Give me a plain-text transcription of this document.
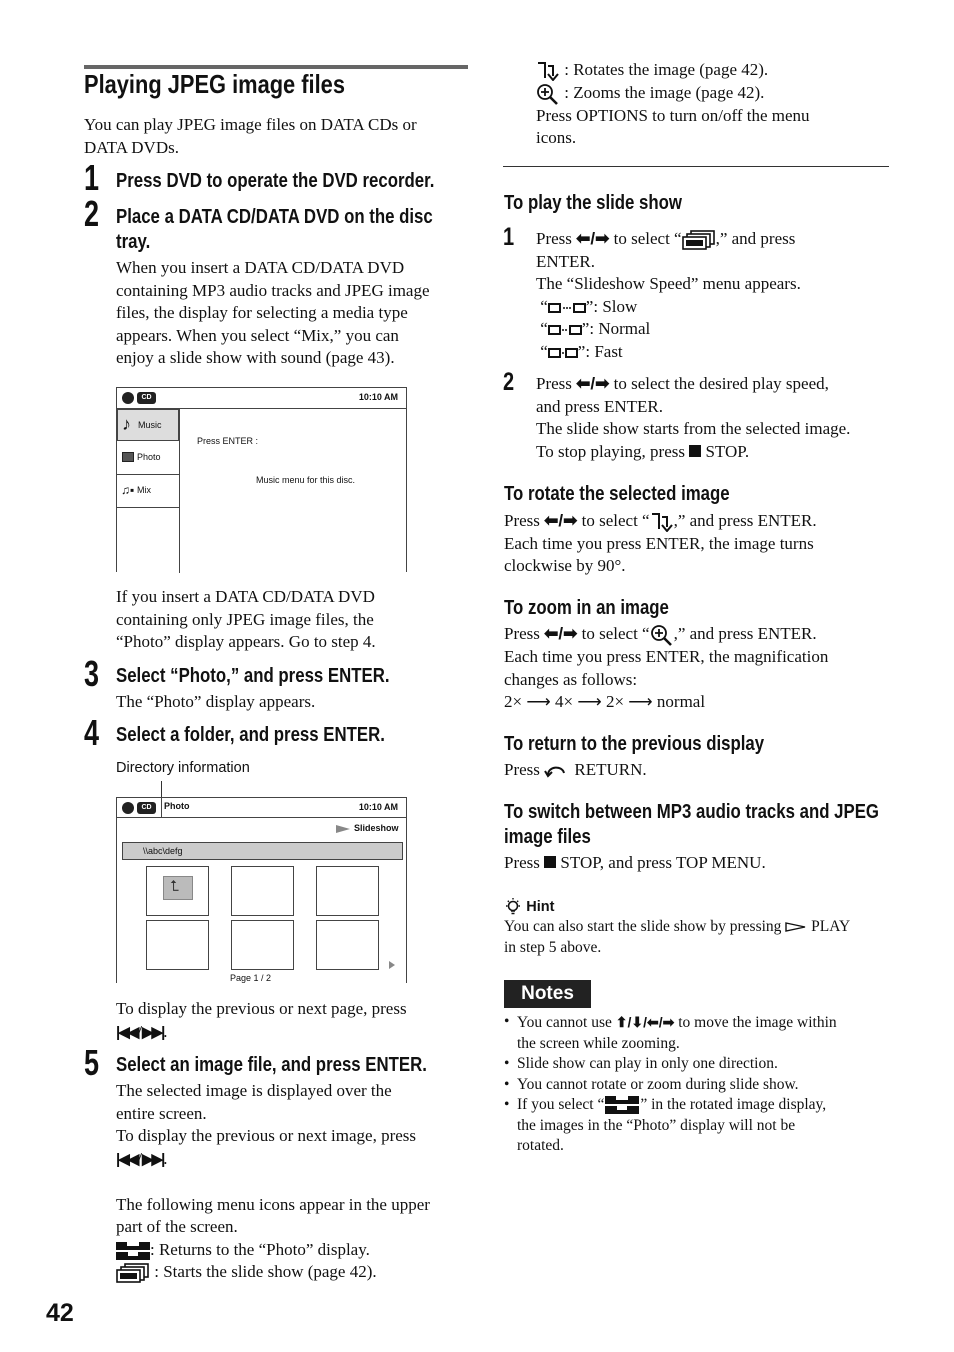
Playing JPEG image files
You can play JPEG image files on DATA CDs or
DATA DVDs.
1 Press DVD to operate the DVD recorder.
2 Place a DATA CD/DATA DVD on the disc
tray.
When you insert a DATA CD/DATA DVD
containing MP3 audio tracks and JPEG image
files, the display for selecting a media type
appears. When you select “Mix,” you can
enjoy a slide show with sound (page 43).
CD	10:10 AM
♪ Music
Photo
♫▪ Mix
Press ENTER :
Music menu for this disc.
If you insert a DATA CD/DATA DVD
containing only JPEG image files, the
“Photo” display appears. Go to step 4.
3 Select “Photo,” and press ENTER.
The “Photo” display appears.
4 Select a folder, and press ENTER.
Directory information
CD	Photo	10:10 AM
Slideshow
\\abc\defg
⮤
Page 1 / 2
To display the previous or next page, press
|◀◀/▶▶|.
5 Select an image file, and press ENTER.
The selected image is displayed over the
entire screen.
To display the previous or next image, press
|◀◀/▶▶|.
The following menu icons appear in the upper
part of the screen.
: Returns to the “Photo” display.
: Starts the slide show (page 42).
42
: Rotates the image (page 42).
: Zooms the image (page 42).
Press OPTIONS to turn on/off the menu
icons.
To play the slide show
1 Press ⬅/➡ to select “ ,” and press
ENTER.
The “Slideshow Speed” menu appears.
“ ”: Slow
“ ”: Normal
“ ”: Fast
2 Press ⬅/➡ to select the desired play speed,
and press ENTER.
The slide show starts from the selected image.
To stop playing, press STOP.
To rotate the selected image
Press ⬅/➡ to select “ ,” and press ENTER.
Each time you press ENTER, the image turns
clockwise by 90°.
To zoom in an image
Press ⬅/➡ to select “ ,” and press ENTER.
Each time you press ENTER, the magnification
changes as follows:
2× ⟶ 4× ⟶ 2× ⟶ normal
To return to the previous display
Press RETURN.
To switch between MP3 audio tracks and JPEG
image files
Press STOP, and press TOP MENU.
Hint
You can also start the slide show by pressing PLAY
in step 5 above.
Notes
• You cannot use ⬆/⬇/⬅/➡ to move the image within
the screen while zooming.
• Slide show can play in only one direction.
• You cannot rotate or zoom during slide show.
• If you select “ ” in the rotated image display,
the images in the “Photo” display will not be
rotated.
